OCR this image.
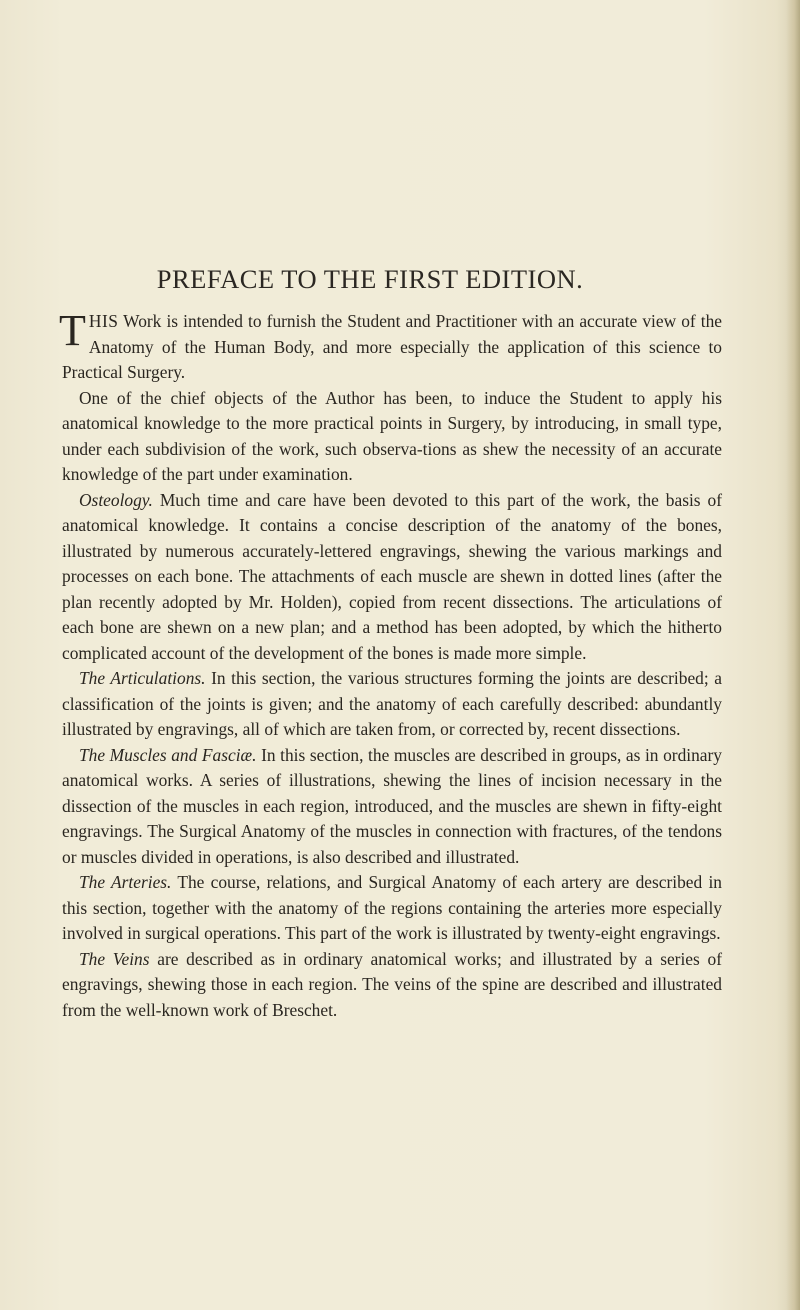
PREFACE TO THE FIRST EDITION.

THIS Work is intended to furnish the Student and Practitioner with an accurate view of the Anatomy of the Human Body, and more especially the application of this science to Practical Surgery.

One of the chief objects of the Author has been, to induce the Student to apply his anatomical knowledge to the more practical points in Surgery, by introducing, in small type, under each subdivision of the work, such observa-tions as shew the necessity of an accurate knowledge of the part under examination.

Osteology. Much time and care have been devoted to this part of the work, the basis of anatomical knowledge. It contains a concise description of the anatomy of the bones, illustrated by numerous accurately-lettered engravings, shewing the various markings and processes on each bone. The attachments of each muscle are shewn in dotted lines (after the plan recently adopted by Mr. Holden), copied from recent dissections. The articulations of each bone are shewn on a new plan; and a method has been adopted, by which the hitherto complicated account of the development of the bones is made more simple.

The Articulations. In this section, the various structures forming the joints are described; a classification of the joints is given; and the anatomy of each carefully described: abundantly illustrated by engravings, all of which are taken from, or corrected by, recent dissections.

The Muscles and Fasciæ. In this section, the muscles are described in groups, as in ordinary anatomical works. A series of illustrations, shewing the lines of incision necessary in the dissection of the muscles in each region, introduced, and the muscles are shewn in fifty-eight engravings. The Surgical Anatomy of the muscles in connection with fractures, of the tendons or muscles divided in operations, is also described and illustrated.

The Arteries. The course, relations, and Surgical Anatomy of each artery are described in this section, together with the anatomy of the regions containing the arteries more especially involved in surgical operations. This part of the work is illustrated by twenty-eight engravings.

The Veins are described as in ordinary anatomical works; and illustrated by a series of engravings, shewing those in each region. The veins of the spine are described and illustrated from the well-known work of Breschet.
